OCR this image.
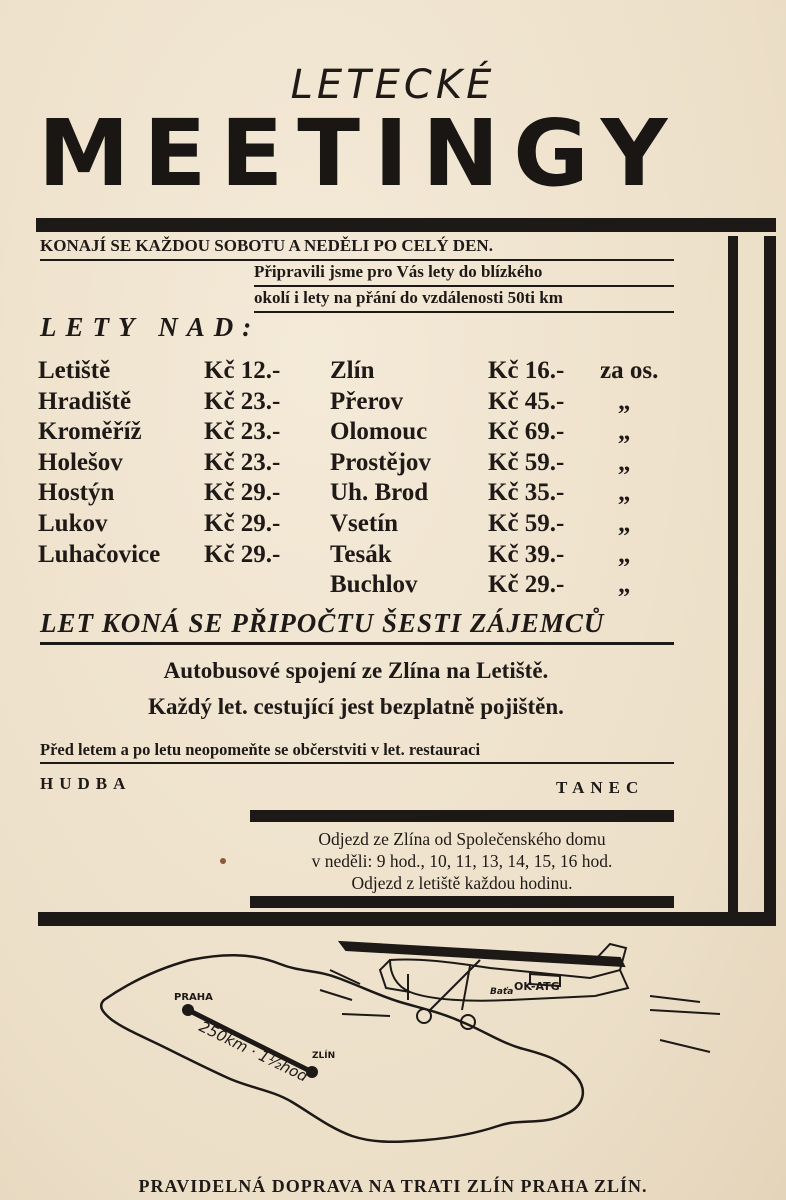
LETECKÉ
MEETINGY
KONAJÍ SE KAŽDOU SOBOTU A NEDĚLI PO CELÝ DEN.
Připravili jsme pro Vás lety do blízkého
okolí i lety na přání do vzdálenosti 50ti km
LETY NAD:
Letiště	Kč 12.- Zlín	Kč 16.- za os.
Hradiště	Kč 23.- Přerov	Kč 45.- „
Kroměříž Kč 23.- Olomouc Kč 69.- „
Holešov	Kč 23.- Prostějov Kč 59.- „
Hostýn	Kč 29.- Uh. Brod Kč 35.- „
Lukov	Kč 29.- Vsetín	Kč 59.- „
Luhačovice Kč 29.- Tesák	Kč 39.- „
Buchlov	Kč 29.- „
LET KONÁ SE PŘIPOČTU ŠESTI ZÁJEMCŮ
Autobusové spojení ze Zlína na Letiště.
Každý let. cestující jest bezplatně pojištěn.
Před letem a po letu neopomeňte se občerstviti v let. restauraci
HUDBA	TANEC
Odjezd ze Zlína od Společenského domu
v neděli: 9 hod., 10, 11, 13, 14, 15, 16 hod.
Odjezd z letiště každou hodinu.
PRAHA
ZLÍN
250km · 1½hod
Baťa OK-ATG
PRAVIDELNÁ DOPRAVA NA TRATI ZLÍN PRAHA ZLÍN.
